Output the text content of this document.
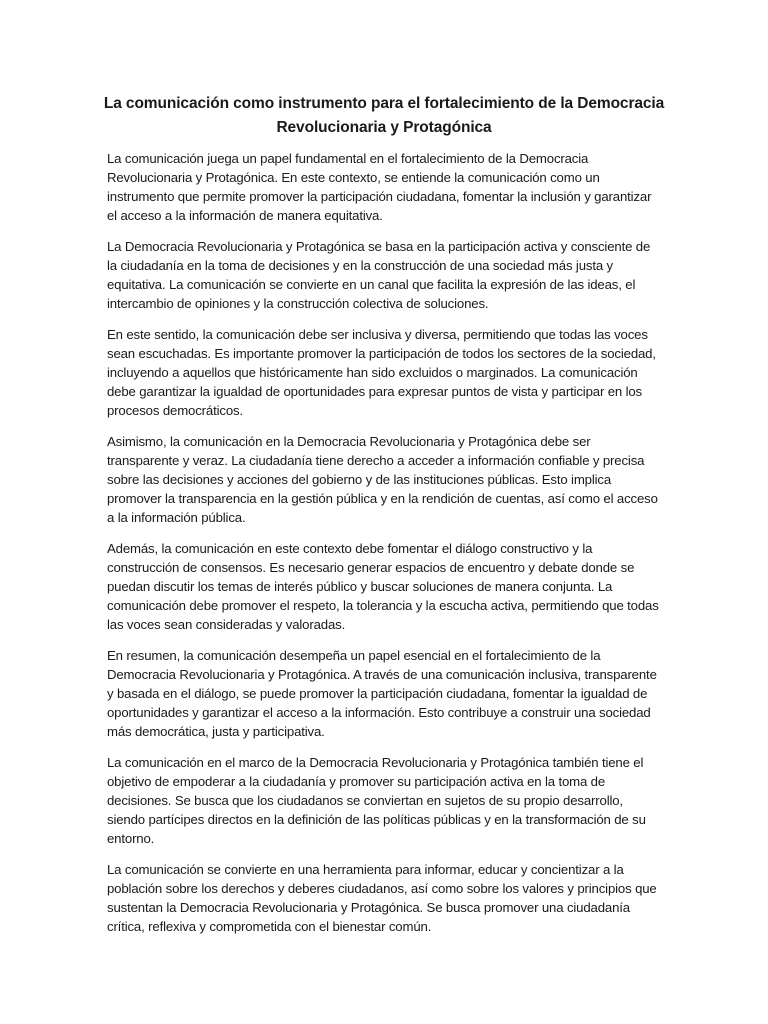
La comunicación como instrumento para el fortalecimiento de la Democracia Revolucionaria y Protagónica

La comunicación juega un papel fundamental en el fortalecimiento de la Democracia Revolucionaria y Protagónica. En este contexto, se entiende la comunicación como un instrumento que permite promover la participación ciudadana, fomentar la inclusión y garantizar el acceso a la información de manera equitativa.

La Democracia Revolucionaria y Protagónica se basa en la participación activa y consciente de la ciudadanía en la toma de decisiones y en la construcción de una sociedad más justa y equitativa. La comunicación se convierte en un canal que facilita la expresión de las ideas, el intercambio de opiniones y la construcción colectiva de soluciones.

En este sentido, la comunicación debe ser inclusiva y diversa, permitiendo que todas las voces sean escuchadas. Es importante promover la participación de todos los sectores de la sociedad, incluyendo a aquellos que históricamente han sido excluidos o marginados. La comunicación debe garantizar la igualdad de oportunidades para expresar puntos de vista y participar en los procesos democráticos.

Asimismo, la comunicación en la Democracia Revolucionaria y Protagónica debe ser transparente y veraz. La ciudadanía tiene derecho a acceder a información confiable y precisa sobre las decisiones y acciones del gobierno y de las instituciones públicas. Esto implica promover la transparencia en la gestión pública y en la rendición de cuentas, así como el acceso a la información pública.

Además, la comunicación en este contexto debe fomentar el diálogo constructivo y la construcción de consensos. Es necesario generar espacios de encuentro y debate donde se puedan discutir los temas de interés público y buscar soluciones de manera conjunta. La comunicación debe promover el respeto, la tolerancia y la escucha activa, permitiendo que todas las voces sean consideradas y valoradas.

En resumen, la comunicación desempeña un papel esencial en el fortalecimiento de la Democracia Revolucionaria y Protagónica. A través de una comunicación inclusiva, transparente y basada en el diálogo, se puede promover la participación ciudadana, fomentar la igualdad de oportunidades y garantizar el acceso a la información. Esto contribuye a construir una sociedad más democrática, justa y participativa.

La comunicación en el marco de la Democracia Revolucionaria y Protagónica también tiene el objetivo de empoderar a la ciudadanía y promover su participación activa en la toma de decisiones. Se busca que los ciudadanos se conviertan en sujetos de su propio desarrollo, siendo partícipes directos en la definición de las políticas públicas y en la transformación de su entorno.

La comunicación se convierte en una herramienta para informar, educar y concientizar a la población sobre los derechos y deberes ciudadanos, así como sobre los valores y principios que sustentan la Democracia Revolucionaria y Protagónica. Se busca promover una ciudadanía crítica, reflexiva y comprometida con el bienestar común.
